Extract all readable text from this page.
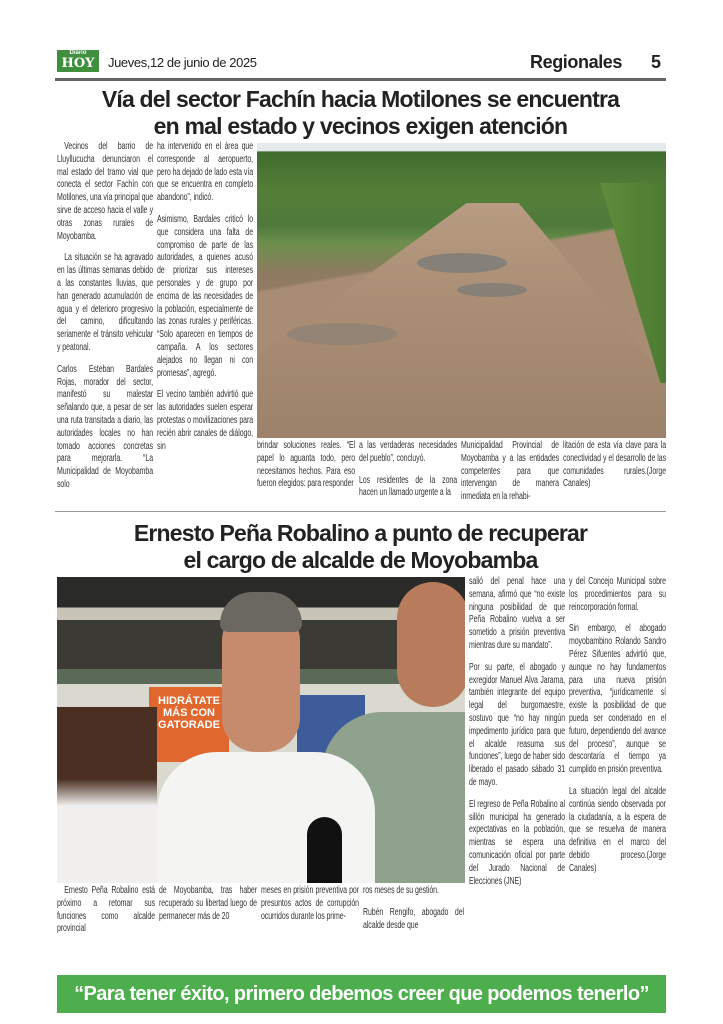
Diario
HOY	Jueves,12 de junio de 2025	Regionales 5
Vía del sector Fachín hacia Motilones se encuentra
en mal estado y vecinos exigen atención

Vecinos del barrio de Lluyllucucha denunciaron el mal estado del tramo vial que conecta el sector Fachín con Motilones, una vía principal que sirve de acceso hacia el valle y otras zonas rurales de Moyobamba.

La situación se ha agravado en las últimas semanas debido a las constantes lluvias, que han generado acumulación de agua y el deterioro progresivo del camino, dificultando seriamente el tránsito vehicular y peatonal.

Carlos Esteban Bardales Rojas, morador del sector, manifestó su malestar señalando que, a pesar de ser una ruta transitada a diario, las autoridades locales no han tomado acciones concretas para mejorarla. “La Municipalidad de Moyobamba solo

ha intervenido en el área que corresponde al aeropuerto, pero ha dejado de lado esta vía que se encuentra en completo abandono”, indicó.

Asimismo, Bardales criticó lo que considera una falta de compromiso de parte de las autoridades, a quienes acusó de priorizar sus intereses personales y de grupo por encima de las necesidades de la población, especialmente de las zonas rurales y periféricas. “Solo aparecen en tiempos de campaña. A los sectores alejados no llegan ni con promesas”, agregó.

El vecino también advirtió que las autoridades suelen esperar protestas o movilizaciones para recién abrir canales de diálogo, sin	brindar soluciones reales. “El papel lo aguanta todo, pero necesitamos hechos. Para eso fueron elegidos: para responder

a las verdaderas necesidades del pueblo”, concluyó.

Los residentes de la zona hacen un llamado urgente a la

Municipalidad Provincial de Moyobamba y a las entidades competentes para que intervengan de manera inmediata en la rehabi-

litación de esta vía clave para la conectividad y el desarrollo de las comunidades rurales.(Jorge Canales)

Ernesto Peña Robalino a punto de recuperar
el cargo de alcalde de Moyobamba
HIDRÁTATE MÁS CON GATORADE

Ernesto Peña Robalino está próximo a retomar sus funciones como alcalde provincial

de Moyobamba, tras haber recuperado su libertad luego de permanecer más de 20

meses en prisión preventiva por presuntos actos de corrupción ocurridos durante los prime-

ros meses de su gestión.

Rubén Rengifo, abogado del alcalde desde que

salió del penal hace una semana, afirmó que “no existe ninguna posibilidad de que Peña Robalino vuelva a ser sometido a prisión preventiva mientras dure su mandato”.

Por su parte, el abogado y exregidor Manuel Alva Jarama, también integrante del equipo legal del burgomaestre, sostuvo que “no hay ningún impedimento jurídico para que el alcalde reasuma sus funciones”, luego de haber sido liberado el pasado sábado 31 de mayo.

El regreso de Peña Robalino al sillón municipal ha generado expectativas en la población, mientras se espera una comunicación oficial por parte del Jurado Nacional de Elecciones (JNE)

y del Concejo Municipal sobre los procedimientos para su reincorporación formal.

Sin embargo, el abogado moyobambino Rolando Sandro Pérez Sifuentes advirtió que, aunque no hay fundamentos para una nueva prisión preventiva, “jurídicamente sí existe la posibilidad de que pueda ser condenado en el futuro, dependiendo del avance del proceso”, aunque se descontaría el tiempo ya cumplido en prisión preventiva.

La situación legal del alcalde continúa siendo observada por la ciudadanía, a la espera de que se resuelva de manera definitiva en el marco del debido proceso.(Jorge Canales)

“Para tener éxito, primero debemos creer que podemos tenerlo”
